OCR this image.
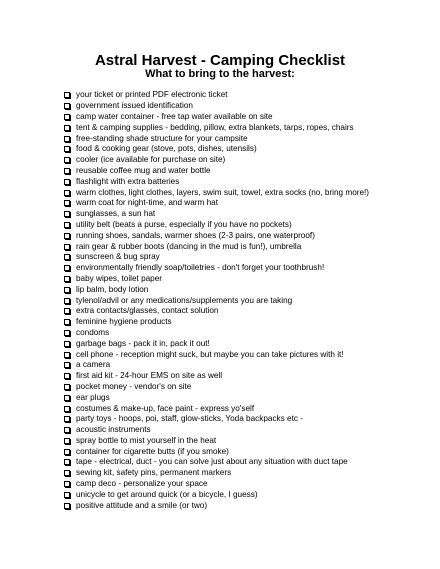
Astral Harvest - Camping Checklist
What to bring to the harvest:
your ticket or printed PDF electronic ticket
government issued identification
camp water container - free tap water available on site
tent & camping supplies - bedding, pillow, extra blankets, tarps, ropes, chairs
free-standing shade structure for your campsite
food & cooking gear (stove, pots, dishes, utensils)
cooler (ice available for purchase on site)
reusable coffee mug and water bottle
flashlight with extra batteries
warm clothes, light clothes, layers, swim suit, towel, extra socks (no, bring more!)
warm coat for night-time, and warm hat
sunglasses, a sun hat
utility belt (beats a purse, especially if you have no pockets)
running shoes, sandals, warmer shoes (2-3 pairs, one waterproof)
rain gear & rubber boots (dancing in the mud is fun!), umbrella
sunscreen & bug spray
environmentally friendly soap/toiletries - don't forget your toothbrush!
baby wipes, toilet paper
lip balm, body lotion
tylenol/advil or any medications/supplements you are taking
extra contacts/glasses, contact solution
feminine hygiene products
condoms
garbage bags - pack it in, pack it out!
cell phone - reception might suck, but maybe you can take pictures with it!
a camera
first aid kit - 24-hour EMS on site as well
pocket money - vendor's on site
ear plugs
costumes & make-up, face paint - express yo'self
party toys - hoops, poi, staff, glow-sticks, Yoda backpacks etc -
acoustic instruments
spray bottle to mist yourself in the heat
container for cigarette butts (if you smoke)
tape - electrical, duct - you can solve just about any situation with duct tape
sewing kit, safety pins, permanent markers
camp deco - personalize your space
unicycle to get around quick (or a bicycle, I guess)
positive attitude and a smile (or two)
